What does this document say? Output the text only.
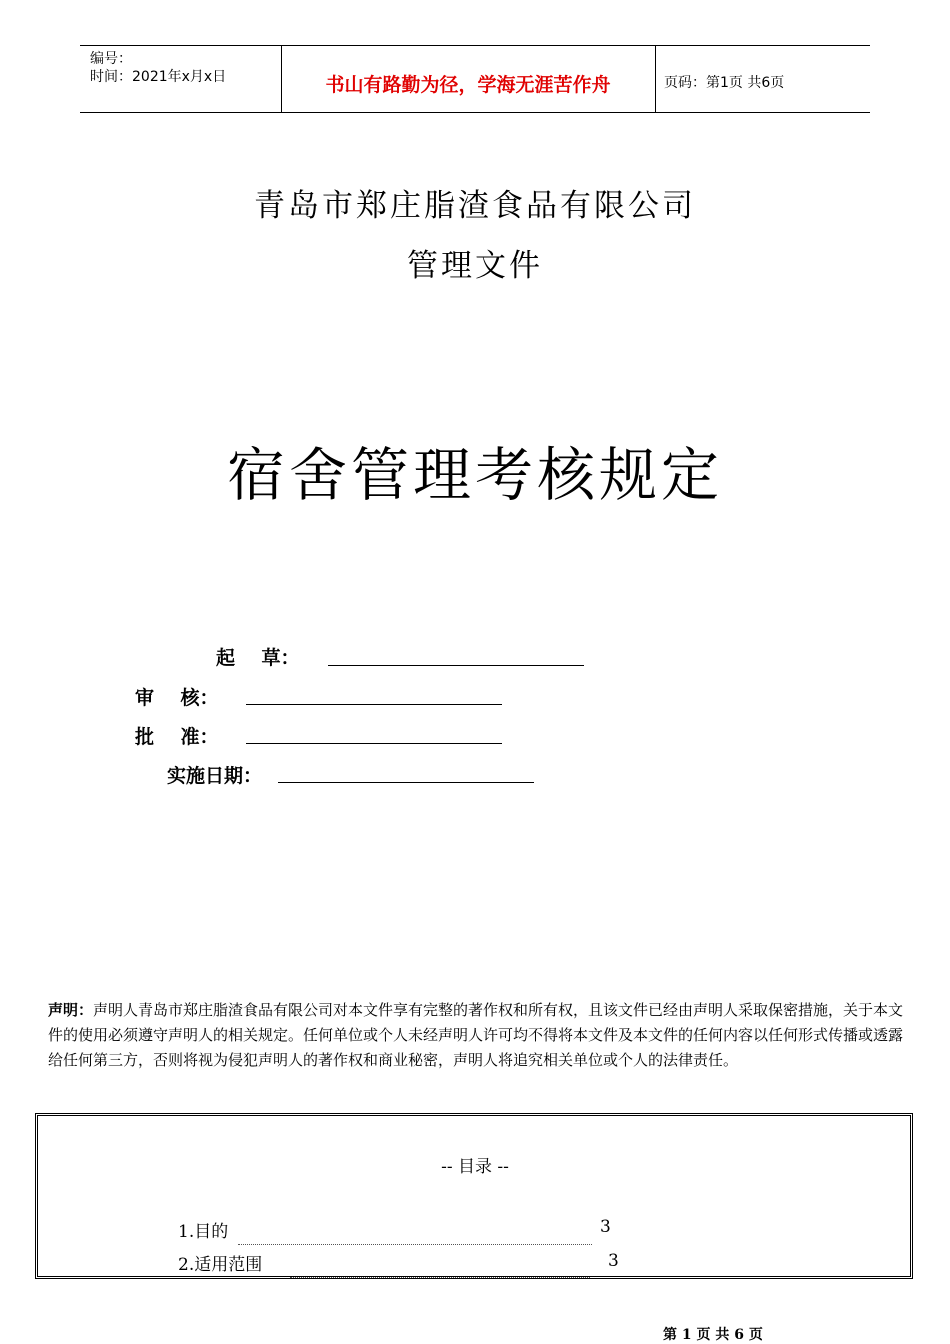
编号：
时间：2021年x月x日	书山有路勤为径，学海无涯苦作舟	页码：第1页 共6页
青岛市郑庄脂渣食品有限公司
管理文件
宿舍管理考核规定
起    草：
审    核：
批    准：
实施日期：
声明：声明人青岛市郑庄脂渣食品有限公司对本文件享有完整的著作权和所有权，且该文件已经由声明人采取保密措施，关于本文件的使用必须遵守声明人的相关规定。任何单位或个人未经声明人许可均不得将本文件及本文件的任何内容以任何形式传播或透露给任何第三方，否则将视为侵犯声明人的著作权和商业秘密，声明人将追究相关单位或个人的法律责任。
-- 目录 --
1.目的	3
2.适用范围	3
第 1 页 共 6 页
